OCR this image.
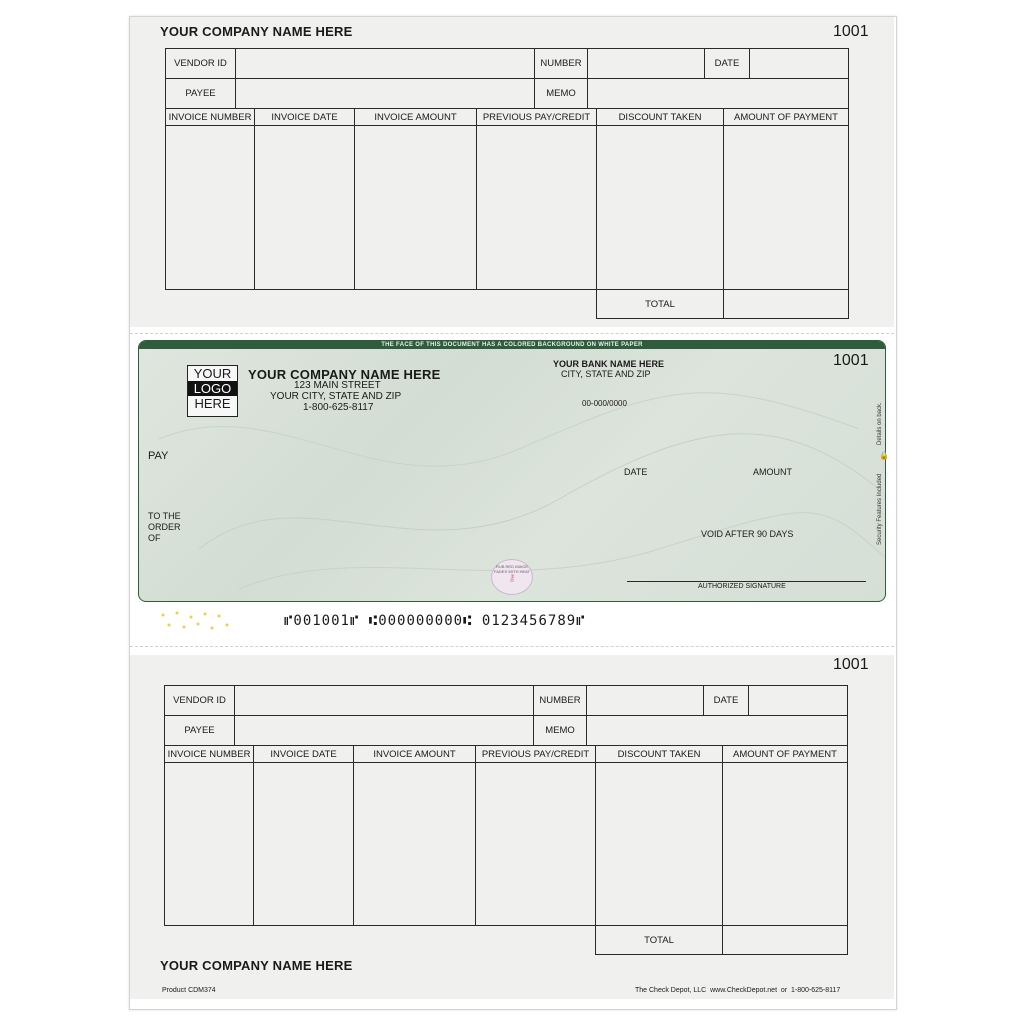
YOUR COMPANY NAME HERE	1001
VENDOR ID	NUMBER	DATE
PAYEE	MEMO
INVOICE NUMBER	INVOICE DATE	INVOICE AMOUNT	PREVIOUS PAY/CREDIT	DISCOUNT TAKEN	AMOUNT OF PAYMENT
TOTAL
THE FACE OF THIS DOCUMENT HAS A COLORED BACKGROUND ON WHITE PAPER
YOUR
LOGO
HERE
YOUR COMPANY NAME HERE
123 MAIN STREET
YOUR CITY, STATE AND ZIP
1-800-625-8117
YOUR BANK NAME HERE
CITY, STATE AND ZIP
00-000/0000
1001
PAY
DATE	AMOUNT
TO THE
ORDER
OF	VOID AFTER 90 DAYS
AUTHORIZED SIGNATURE
RUB RED IMAGE FADES WITH HEAT
⚷
Security Features Included
Details on back.
🔒
⑈001001⑈ ⑆000000000⑆ 0123456789⑈
1001
VENDOR ID	NUMBER	DATE
PAYEE	MEMO
INVOICE NUMBER	INVOICE DATE	INVOICE AMOUNT	PREVIOUS PAY/CREDIT	DISCOUNT TAKEN	AMOUNT OF PAYMENT
TOTAL
YOUR COMPANY NAME HERE
Product CDM374	The Check Depot, LLC  www.CheckDepot.net  or  1-800-625-8117
